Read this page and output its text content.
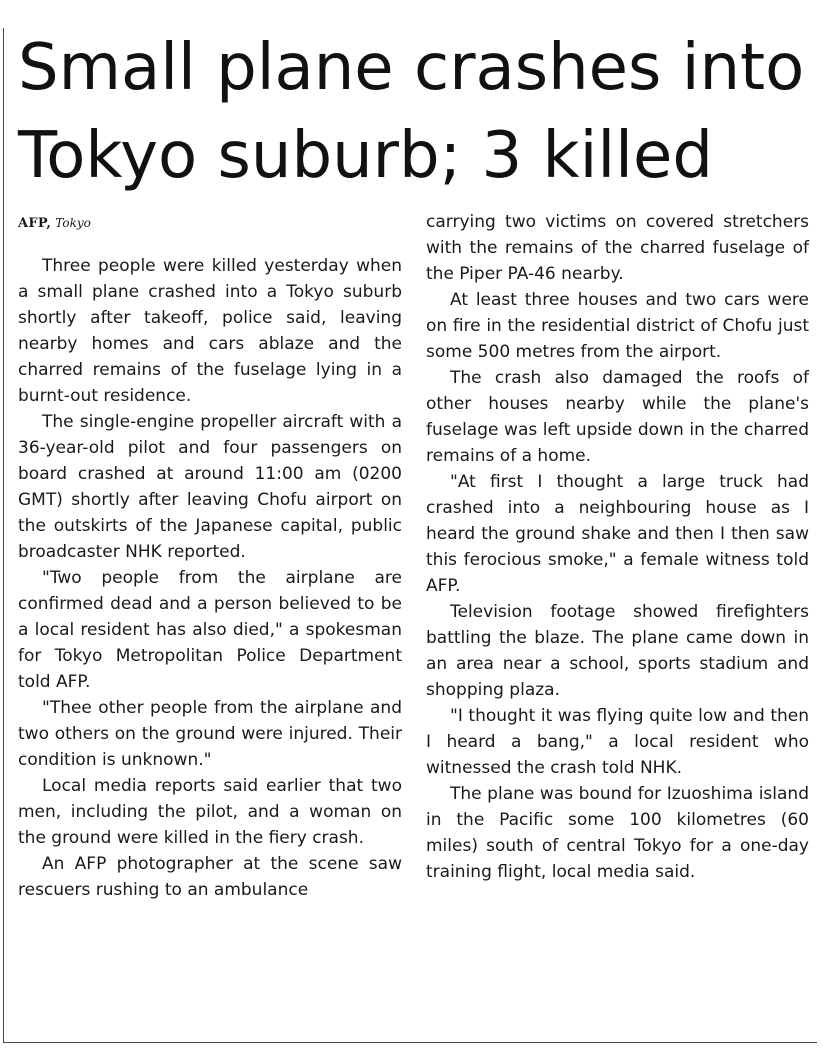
Small plane crashes into
Tokyo suburb; 3 killed
AFP, Tokyo

Three people were killed yesterday when a small plane crashed into a Tokyo suburb shortly after takeoff, police said, leaving nearby homes and cars ablaze and the charred remains of the fuselage lying in a burnt-out residence.

The single-engine propeller aircraft with a 36-year-old pilot and four passengers on board crashed at around 11:00 am (0200 GMT) shortly after leaving Chofu airport on the outskirts of the Japanese capital, public broadcaster NHK reported.

"Two people from the airplane are confirmed dead and a person believed to be a local resident has also died," a spokesman for Tokyo Metropolitan Police Department told AFP.

"Thee other people from the airplane and two others on the ground were injured. Their condition is unknown."

Local media reports said earlier that two men, including the pilot, and a woman on the ground were killed in the fiery crash.

An AFP photographer at the scene saw rescuers rushing to an ambulance

carrying two victims on covered stretchers with the remains of the charred fuselage of the Piper PA-46 nearby.

At least three houses and two cars were on fire in the residential district of Chofu just some 500 metres from the airport.

The crash also damaged the roofs of other houses nearby while the plane's fuselage was left upside down in the charred remains of a home.

"At first I thought a large truck had crashed into a neighbouring house as I heard the ground shake and then I then saw this ferocious smoke," a female witness told AFP.

Television footage showed firefighters battling the blaze. The plane came down in an area near a school, sports stadium and shopping plaza.

"I thought it was flying quite low and then I heard a bang," a local resident who witnessed the crash told NHK.

The plane was bound for Izuoshima island in the Pacific some 100 kilometres (60 miles) south of central Tokyo for a one-day training flight, local media said.
